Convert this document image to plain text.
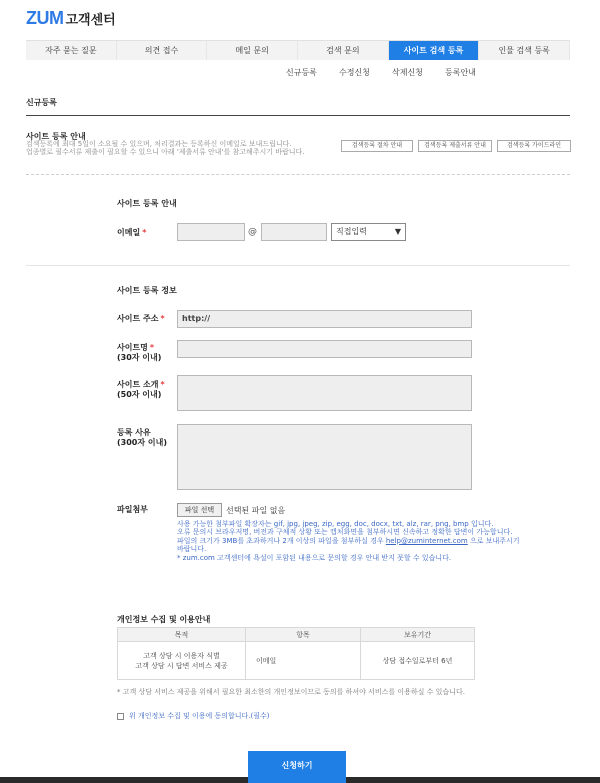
ZUM 고객센터
자주 묻는 질문	의견 접수	메일 문의	검색 문의	사이트 검색 등록	인물 검색 등록
신규등록	수정신청	삭제신청	등록안내
신규등록
사이트 등록 안내
검색등록에 최대 5일이 소요될 수 있으며, 처리결과는 등록하신 이메일로 보내드립니다.
업종별로 필수서류 제출이 필요할 수 있으니 아래 '제출서류 안내'를 참고해주시기 바랍니다.
검색등록 절차 안내	검색등록 제출서류 안내	검색등록 가이드라인
사이트 등록 안내
이메일 *	@	직접입력	▼
사이트 등록 정보
사이트 주소 *	http://
사이트명 *
(30자 이내)
사이트 소개 *
(50자 이내)
등록 사유
(300자 이내)
파일첨부	파일 선택	선택된 파일 없음

사용 가능한 첨부파일 확장자는 gif, jpg, jpeg, zip, egg, doc, docx, txt, alz, rar, png, bmp 입니다.

오류 문의시 브라우저명, 버전과 구체적 상황 또는 캡처화면을 첨부하시면 신속하고 정확한 답변이 가능합니다.

파일의 크기가 3MB를 초과하거나 2개 이상의 파일을 첨부하실 경우 help@zuminternet.com 으로 보내주시기 바랍니다.

* zum.com 고객센터에 욕설이 포함된 내용으로 문의할 경우 안내 받지 못할 수 있습니다.

개인정보 수집 및 이용안내
목적	항목	보유기간
고객 상담 시 이용자 식별
고객 상담 시 답변 서비스 제공	이메일	상담 접수일로부터 6년
* 고객 상담 서비스 제공을 위해서 필요한 최소한의 개인정보이므로 동의를 하셔야 서비스를 이용하실 수 있습니다.
위 개인정보 수집 및 이용에 동의합니다.(필수)
신청하기
